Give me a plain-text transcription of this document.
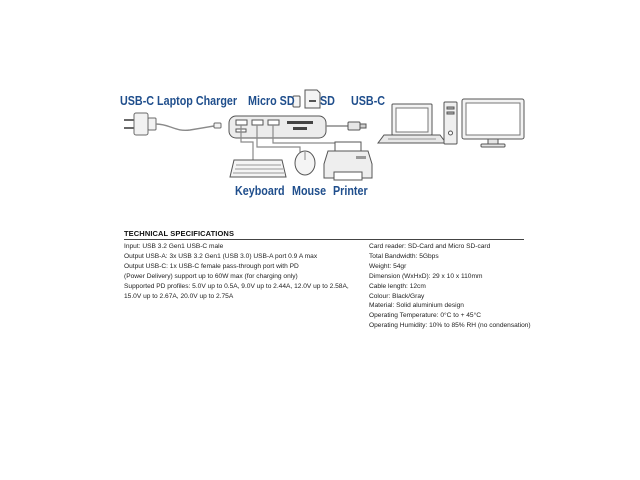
USB-C Laptop Charger Micro SD SD USB-C
Keyboard Mouse Printer
TECHNICAL SPECIFICATIONS
Input: USB 3.2 Gen1 USB-C male
Output USB-A: 3x USB 3.2 Gen1 (USB 3.0) USB-A port 0.9 A max
Output USB-C: 1x USB-C female pass-through port with PD
(Power Delivery) support up to 60W max (for charging only)
Supported PD profiles: 5.0V up to 0.5A, 9.0V up to 2.44A, 12.0V up to 2.58A,
15.0V up to 2.67A, 20.0V up to 2.75A
Card reader: SD-Card and Micro SD-card
Total Bandwidth: 5Gbps
Weight: 54gr
Dimension (WxHxD): 29 x 10 x 110mm
Cable length: 12cm
Colour: Black/Gray
Material: Solid aluminium design
Operating Temperature: 0°C to + 45°C
Operating Humidity: 10% to 85% RH (no condensation)
